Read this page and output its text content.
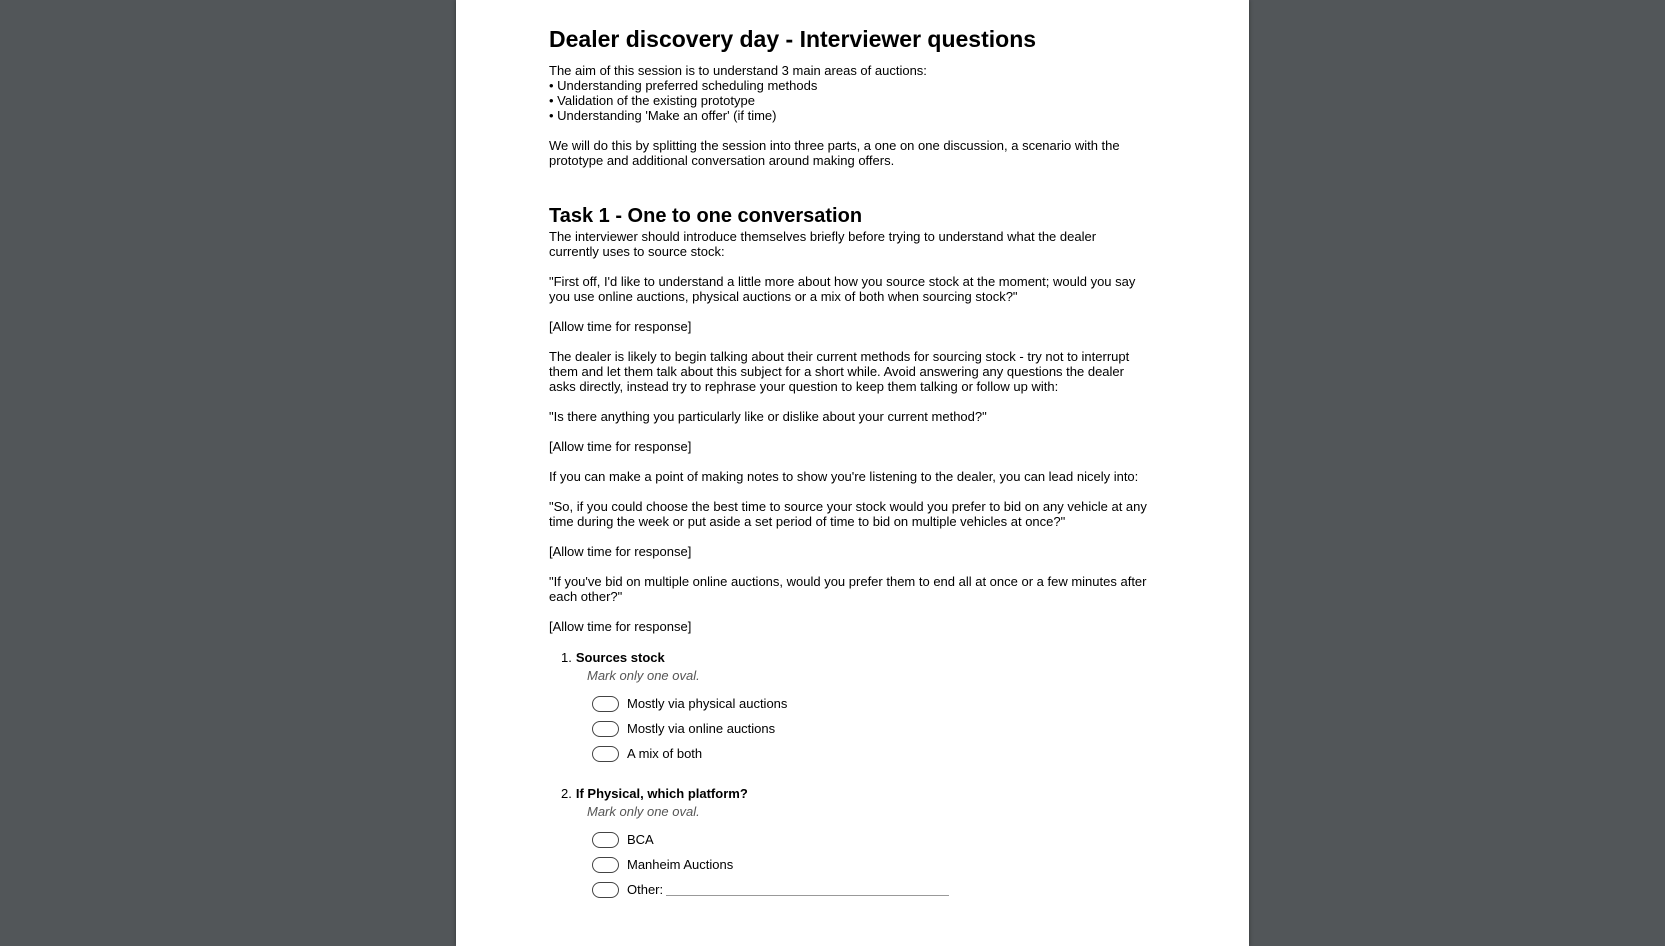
Dealer discovery day - Interviewer questions

The aim of this session is to understand 3 main areas of auctions:

• Understanding preferred scheduling methods

• Validation of the existing prototype

• Understanding 'Make an offer' (if time)

We will do this by splitting the session into three parts, a one on one discussion, a scenario with the prototype and additional conversation around making offers.

Task 1 - One to one conversation

The interviewer should introduce themselves briefly before trying to understand what the dealer currently uses to source stock:

"First off, I'd like to understand a little more about how you source stock at the moment; would you say you use online auctions, physical auctions or a mix of both when sourcing stock?"

[Allow time for response]

The dealer is likely to begin talking about their current methods for sourcing stock - try not to interrupt them and let them talk about this subject for a short while. Avoid answering any questions the dealer asks directly, instead try to rephrase your question to keep them talking or follow up with:

"Is there anything you particularly like or dislike about your current method?"

[Allow time for response]

If you can make a point of making notes to show you're listening to the dealer, you can lead nicely into:

"So, if you could choose the best time to source your stock would you prefer to bid on any vehicle at any time during the week or put aside a set period of time to bid on multiple vehicles at once?"

[Allow time for response]

"If you've bid on multiple online auctions, would you prefer them to end all at once or a few minutes after each other?"

[Allow time for response]

1. Sources stock
Mark only one oval.
Mostly via physical auctions
Mostly via online auctions
A mix of both
2. If Physical, which platform?
Mark only one oval.
BCA
Manheim Auctions
Other:
